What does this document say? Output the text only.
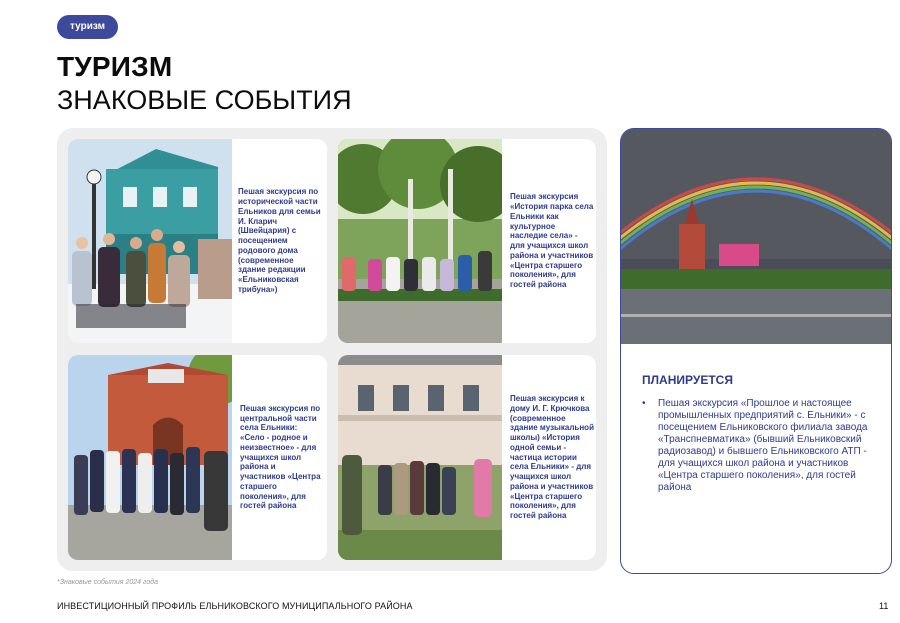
туризм
ТУРИЗМ
ЗНАКОВЫЕ СОБЫТИЯ
Пешая экскурсия по исторической части Ельников для семьи И. Кларич (Швейцария) с посещением родового дома (современное здание редакции «Ельниковская трибуна»)
Пешая экскурсия «История парка села Ельники как культурное наследие села» - для учащихся школ района и участников «Центра старшего поколения», для гостей района
Пешая экскурсия по центральной части села Ельники: «Село - родное и неизвестное» - для учащихся школ района и участников «Центра старшего поколения», для гостей района
Пешая экскурсия к дому И. Г. Крючкова (современное здание музыкальной школы) «История одной семьи - частица истории села Ельники» - для учащихся школ района и участников «Центра старшего поколения», для гостей района
ПЛАНИРУЕТСЯ
• Пешая экскурсия «Прошлое и настоящее промышленных предприятий с. Ельники» - с посещением Ельниковского филиала завода «Транспневматика» (бывший Ельниковский радиозавод) и бывшего Ельниковского АТП - для учащихся школ района и участников «Центра старшего поколения», для гостей района
*Знаковые события 2024 года
ИНВЕСТИЦИОННЫЙ ПРОФИЛЬ ЕЛЬНИКОВСКОГО МУНИЦИПАЛЬНОГО РАЙОНА	11
